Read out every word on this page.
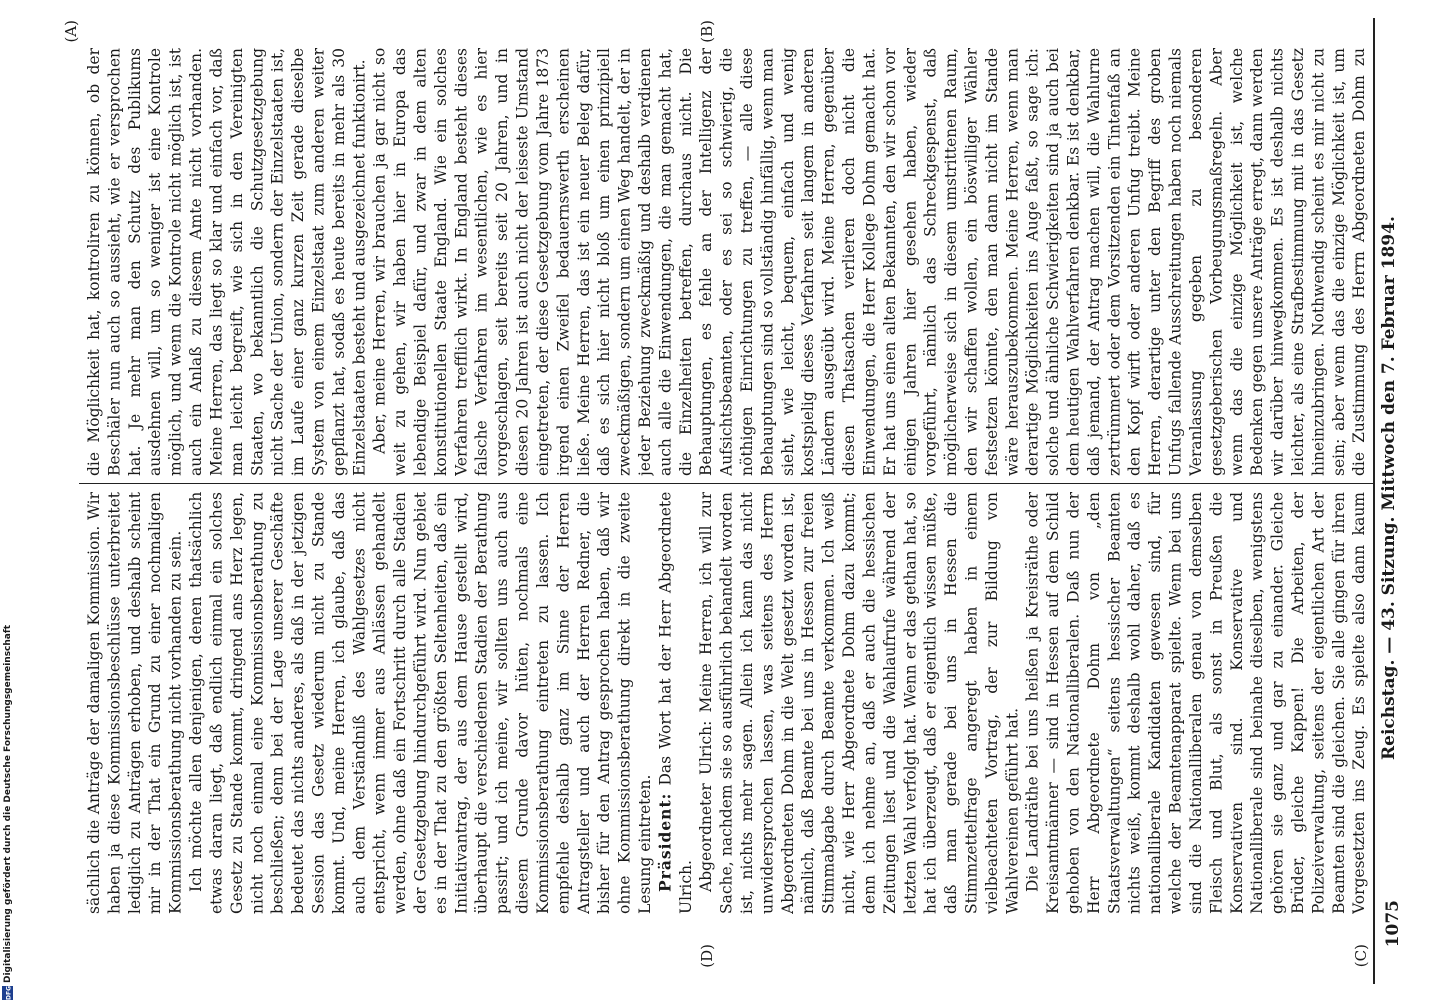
Reichstag. — 43. Sitzung. Mittwoch den 7. Februar 1894.
1075
(A)	(B)
(C)
(D)

die Möglichkeit hat, kontroliren zu können, ob der Beschäler nun auch so aussieht, wie er versprochen hat. Je mehr man den Schutz des Publikums ausdehnen will, um so weniger ist eine Kontrole möglich, und wenn die Kontrole nicht möglich ist, ist auch ein Anlaß zu diesem Amte nicht vorhanden. Meine Herren, das liegt so klar und einfach vor, daß man leicht begreift, wie sich in den Vereinigten Staaten, wo bekanntlich die Schutzgesetzgebung nicht Sache der Union, sondern der Einzelstaaten ist, im Laufe einer ganz kurzen Zeit gerade dieselbe System von einem Einzelstaat zum anderen weiter gepflanzt hat, sodaß es heute bereits in mehr als 30 Einzelstaaten besteht und ausgezeichnet funktionirt. Aber, meine Herren, wir brauchen ja gar nicht so weit zu gehen, wir haben hier in Europa das lebendige Beispiel dafür, und zwar in dem alten konstitutionellen Staate England. Wie ein solches Verfahren trefflich wirkt. In England besteht dieses falsche Verfahren im wesentlichen, wie es hier vorgeschlagen, seit bereits seit 20 Jahren, und in diesen 20 Jahren ist auch nicht der leiseste Umstand eingetreten, der diese Gesetzgebung vom Jahre 1873 irgend einen Zweifel bedauernswerth erscheinen ließe. Meine Herren, das ist ein neuer Beleg dafür, daß es sich hier nicht bloß um einen prinzipiell zweckmäßigen, sondern um einen Weg handelt, der in jeder Beziehung zweckmäßig und deshalb verdienen auch alle die Einwendungen, die man gemacht hat, die Einzelheiten betreffen, durchaus nicht. Die Behauptungen, es fehle an der Intelligenz der Aufsichtsbeamten, oder es sei so schwierig, die nöthigen Einrichtungen zu treffen, — alle diese Behauptungen sind so vollständig hinfällig, wenn man sieht, wie leicht, bequem, einfach und wenig kostspielig dieses Verfahren seit langem in anderen Ländern ausgeübt wird. Meine Herren, gegenüber diesen Thatsachen verlieren doch nicht die Einwendungen, die Herr Kollege Dohm gemacht hat. Er hat uns einen alten Bekannten, den wir schon vor einigen Jahren hier gesehen haben, wieder vorgeführt, nämlich das Schreckgespenst, daß möglicherweise sich in diesem umstrittenen Raum, den wir schaffen wollen, ein böswilliger Wähler festsetzen könnte, den man dann nicht im Stande wäre herauszubekommen. Meine Herren, wenn man derartige Möglichkeiten ins Auge faßt, so sage ich: solche und ähnliche Schwierigkeiten sind ja auch bei dem heutigen Wahlverfahren denkbar. Es ist denkbar, daß jemand, der Antrag machen will, die Wahlurne zertrümmert oder dem Vorsitzenden ein Tintenfaß an den Kopf wirft oder anderen Unfug treibt. Meine Herren, derartige unter den Begriff des groben Unfugs fallende Ausschreitungen haben noch niemals Veranlassung gegeben zu besonderen gesetzgeberischen Vorbeugungsmaßregeln. Aber wenn das die einzige Möglichkeit ist, welche Bedenken gegen unsere Anträge erregt, dann werden wir darüber hinwegkommen. Es ist deshalb nichts leichter, als eine Strafbestimmung mit in das Gesetz hineinzubringen. Nothwendig scheint es mir nicht zu sein; aber wenn das die einzige Möglichkeit ist, um die Zustimmung des Herrn Abgeordneten Dohm zu

sächlich die Anträge der damaligen Kommission. Wir haben ja diese Kommissionsbeschlüsse unterbreitet lediglich zu Anträgen erhoben, und deshalb scheint mir in der That ein Grund zu einer nochmaligen Kommissionsberathung nicht vorhanden zu sein. Ich möchte allen denjenigen, denen thatsächlich etwas daran liegt, daß endlich einmal ein solches Gesetz zu Stande kommt, dringend ans Herz legen, nicht noch einmal eine Kommissionsberathung zu beschließen; denn bei der Lage unserer Geschäfte bedeutet das nichts anderes, als daß in der jetzigen Session das Gesetz wiederum nicht zu Stande kommt. Und, meine Herren, ich glaube, daß das auch dem Verständniß des Wahlgesetzes nicht entspricht, wenn immer aus Anlässen gehandelt werden, ohne daß ein Fortschritt durch alle Stadien der Gesetzgebung hindurchgeführt wird. Nun gebiet es in der That zu den größten Seltenheiten, daß ein Initiativantrag, der aus dem Hause gestellt wird, überhaupt die verschiedenen Stadien der Berathung passirt; und ich meine, wir sollten uns auch aus diesem Grunde davor hüten, nochmals eine Kommissionsberathung eintreten zu lassen. Ich empfehle deshalb ganz im Sinne der Herren Antragsteller und auch der Herren Redner, die bisher für den Antrag gesprochen haben, daß wir ohne Kommissionsberathung direkt in die zweite Lesung eintreten. Präsident: Das Wort hat der Herr Abgeordnete Ulrich. Abgeordneter Ulrich: Meine Herren, ich will zur Sache, nachdem sie so ausführlich behandelt worden ist, nichts mehr sagen. Allein ich kann das nicht unwidersprochen lassen, was seitens des Herrn Abgeordneten Dohm in die Welt gesetzt worden ist, nämlich, daß Beamte bei uns in Hessen zur freien Stimmabgabe durch Beamte verkommen. Ich weiß nicht, wie Herr Abgeordnete Dohm dazu kommt; denn ich nehme an, daß er auch die hessischen Zeitungen liest und die Wahlaufrufe während der letzten Wahl verfolgt hat. Wenn er das gethan hat, so hat ich überzeugt, daß er eigentlich wissen müßte, daß man gerade bei uns in Hessen die Stimmzettelfrage angeregt haben in einem vielbeachteten Vortrag, der zur Bildung von Wahlvereinen geführt hat. Die Landräthe bei uns heißen ja Kreisräthe oder Kreisamtmänner — sind in Hessen auf dem Schild gehoben von den Nationalliberalen. Daß nun der Herr Abgeordnete Dohm von „den Staatsverwaltungen“ seitens hessischer Beamten nichts weiß, kommt deshalb wohl daher, daß es nationalliberale Kandidaten gewesen sind, für welche der Beamtenapparat spielte. Wenn bei uns sind die Nationalliberalen genau von demselben Fleisch und Blut, als sonst in Preußen die Konservativen sind. Konservative und Nationalliberale sind beinahe dieselben, wenigstens gehören sie ganz und gar zu einander. Gleiche Brüder, gleiche Kappen! Die Arbeiten, der Polizeiverwaltung, seitens der eigentlichen Art der Beamten sind die gleichen. Sie alle gingen für ihren Vorgesetzten ins Zeug. Es spielte also dann kaum

DFG
Digitalisierung gefördert durch die Deutsche Forschungsgemeinschaft
